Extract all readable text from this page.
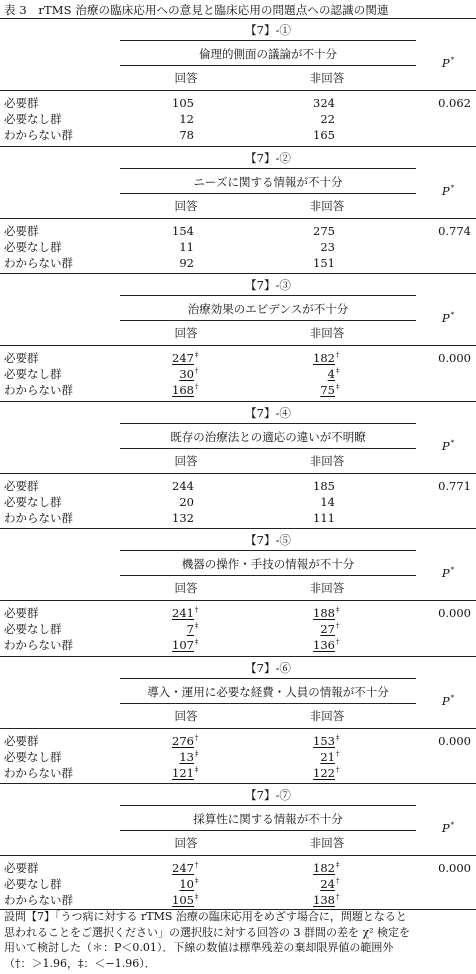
表 3　rTMS 治療の臨床応用への意見と臨床応用の問題点への認識の関連
【7】-①
倫理的側面の議論が不十分
P*
回答	非回答
必要群	105	324	0.062
必要なし群	12	22
わからない群	78	165
【7】-②
ニーズに関する情報が不十分
P*
回答	非回答
必要群	154	275	0.774
必要なし群	11	23
わからない群	92	151
【7】-③
治療効果のエビデンスが不十分
P*
回答	非回答
必要群	247‡	182†	0.000
必要なし群	30†	4‡
わからない群	168†	75‡
【7】-④
既存の治療法との適応の違いが不明瞭
P*
回答	非回答
必要群	244	185	0.771
必要なし群	20	14
わからない群	132	111
【7】-⑤
機器の操作・手技の情報が不十分
P*
回答	非回答
必要群	241†	188‡	0.000
必要なし群	7‡	27†
わからない群	107‡	136†
【7】-⑥
導入・運用に必要な経費・人員の情報が不十分
P*
回答	非回答
必要群	276†	153‡	0.000
必要なし群	13‡	21†
わからない群	121‡	122†
【7】-⑦
採算性に関する情報が不十分
P*
回答	非回答
必要群	247†	182‡	0.000
必要なし群	10‡	24†
わからない群	105‡	138†
設問【7】「うつ病に対する rTMS 治療の臨床応用をめざす場合に，問題となると
思われることをご選択ください」の選択肢に対する回答の 3 群間の差を χ² 検定を
用いて検討した（＊：P＜0.01）．下線の数値は標準残差の棄却限界値の範囲外
（†：＞1.96，‡：＜−1.96）．
